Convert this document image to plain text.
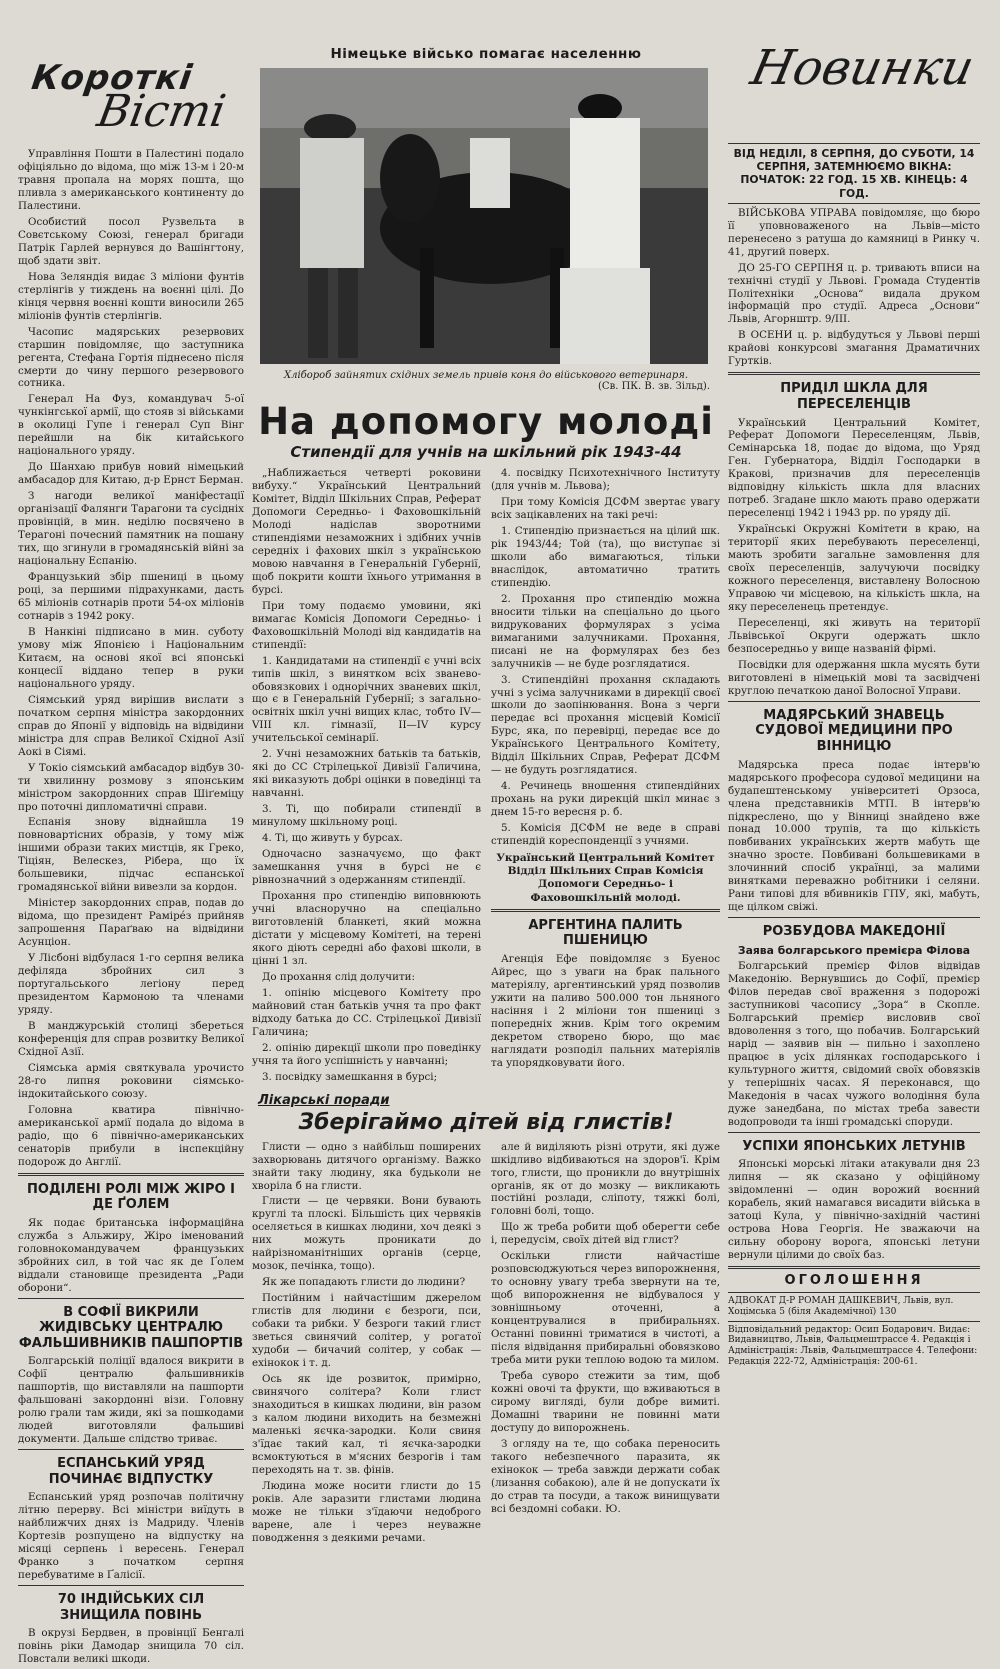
Короткі
Вісті

Управління Пошти в Палестині подало офіціяльно до відома, що між 13-м і 20-м травня пропала на морях пошта, що пливла з американського континенту до Палестини.

Особистий посол Рузвельта в Совєтському Союзі, генерал бригади Патрік Гарлей вернувся до Вашінгтону, щоб здати звіт.

Нова Зеляндія видає 3 міліони фунтів стерлінгів у тиждень на воєнні цілі. До кінця червня воєнні кошти виносили 265 міліонів фунтів стерлінгів.

Часопис мадярських резервових старшин повідомляє, що заступника регента, Стефана Гортія піднесено після смерти до чину першого резервового сотника.

Генерал На Фуз, командувач 5-ої чункінгської армії, що стояв зі військами в околиці Гупе і генерал Суп Вінг перейшли на бік китайського національного уряду.

До Шанхаю прибув новий німецький амбасадор для Китаю, д-р Ернст Берман.

З нагоди великої маніфестації організації Фалянги Тарагони та сусідніх провінцій, в мин. неділю посвячено в Терагоні почесний памятник на пошану тих, що згинули в громадянській війні за національну Еспанію.

Французький збір пшениці в цьому році, за першими підрахунками, дасть 65 міліонів сотнарів проти 54-ох міліонів сотнарів з 1942 року.

В Нанкіні підписано в мин. суботу умову між Японією і Національним Китаєм, на основі якої всі японські концесії віддано тепер в руки національного уряду.

Сіямський уряд вирішив вислати з початком серпня міністра закордонних справ до Японії у відповідь на відвідини міністра для справ Великої Східної Азії Аокі в Сіямі.

У Токіо сіямський амбасадор відбув 30-ти хвилинну розмову з японським міністром закордонних справ Шіґеміцу про поточні дипломатичні справи.

Еспанія знову віднайшла 19 повновартісних образів, у тому між іншими образи таких мистців, як Греко, Тіціян, Велескез, Рібера, що їх большевики, підчас еспанської громадянської війни вивезли за кордон.

Міністер закордонних справ, подав до відома, що президент Раміре́з прийняв запрошення Параґваю на відвідини Асунціон.

У Лісбоні відбулася 1-го серпня велика дефіляда збройних сил з португальського легіону перед президентом Кармоною та членами уряду.

В манджурській столиці збереться конференція для справ розвитку Великої Східної Азії.

Сіямська армія святкувала урочисто 28-го липня роковини сіямсько-індокитайського союзу.

Головна кватира північно-американської армії подала до відома в радіо, що 6 північно-американських сенаторів прибули в інспекційну подорож до Англії.

ПОДІЛЕНІ РОЛІ МІЖ ЖІРО І ДЕ ҐОЛЕМ

Як подає британська інформаційна служба з Альжиру, Жіро іменований головнокомандувачем французьких збройних сил, в той час як де Ґолем віддали становище президента „Ради оборони“.

В СОФІЇ ВИКРИЛИ ЖИДІВСЬКУ ЦЕНТРАЛЮ ФАЛЬШИВНИКІВ ПАШПОРТІВ

Болгарській поліції вдалося викрити в Софії централю фальшивників пашпортів, що виставляли на пашпорти фальшовані закордонні візи. Головну ролю грали там жиди, які за пошкодами людей виготовляли фальшиві документи. Дальше слідство триває.

ЕСПАНСЬКИЙ УРЯД ПОЧИНАЄ ВІДПУСТКУ

Еспанський уряд розпочав політичну літню перерву. Всі міністри виїдуть в найближчих днях із Мадриду. Членів Кортезів розпущено на відпустку на місяці серпень і вересень. Генерал Франко з початком серпня перебуватиме в Ґалісії.

70 ІНДІЙСЬКИХ СІЛ ЗНИЩИЛА ПОВІНЬ

В окрузі Бердвен, в провінції Бенгалі повінь ріки Дамодар знищила 70 сіл. Повстали великі шкоди.

Німецьке військо помагає населенню
Хлібороб зайнятих східних земель привів коня до військового ветеринаря.
(Св. ПК. В. зв. Зільд).
На допомогу молоді
Стипендії для учнів на шкільний рік 1943-44

„Наближається четверті роковини вибуху.“ Український Центральний Комітет, Відділ Шкільних Справ, Реферат Допомоги Середньо- і Фаховошкільній Молоді надіслав зворотними стипендіями незаможних і здібних учнів середніх і фахових шкіл з українською мовою навчання в Генеральній Губернії, щоб покрити кошти їхнього утримання в бурсі.

При тому подаємо умовини, які вимагає Комісія Допомоги Середньо- і Фаховошкільній Молоді від кандидатів на стипендії:

1. Кандидатами на стипендії є учні всіх типів шкіл, з винятком всіх званево-обовязкових і однорічних званевих шкіл, що є в Генеральній Губернії; з загально-освітніх шкіл учні вищих клас, тобто IV—VIII кл. гімназії, II—IV курсу учительської семінарії.

2. Учні незаможних батьків та батьків, які до СС Стрілецької Дивізії Галичина, які виказують добрі оцінки в поведінці та навчанні.

3. Ті, що побирали стипендії в минулому шкільному році.

4. Ті, що живуть у бурсах.

Одночасно зазначуємо, що факт замешкання учня в бурсі не є рівнозначний з одержанням стипендії.

Прохання про стипендію виповнюють учні власноручно на спеціально виготовленій бланкеті, який можна дістати у місцевому Комітеті, на терені якого діють середні або фахові школи, в цінні 1 зл.

До прохання слід долучити:

1. опінію місцевого Комітету про майновий стан батьків учня та про факт відходу батька до СС. Стрілецької Дивізії Галичина;

2. опінію дирекції школи про поведінку учня та його успішність у навчанні;

3. посвідку замешкання в бурсі;

4. посвідку Психотехнічного Інституту (для учнів м. Львова);

При тому Комісія ДСФМ звертає увагу всіх зацікавлених на такі речі:

1. Стипендію признається на цілий шк. рік 1943/44; Той (та), що виступає зі школи або вимагаються, тільки внаслідок, автоматично тратить стипендію.

2. Прохання про стипендію можна вносити тільки на спеціально до цього видрукованих формулярах з усіма вимаганими залучниками. Прохання, писані не на формулярах без без залучників — не буде розглядатися.

3. Стипендійні прохання складають учні з усіма залучниками в дирекції своєї школи до заопінювання. Вона з черги передає всі прохання місцевій Комісії Бурс, яка, по перевірці, передає все до Українського Центрального Комітету, Відділ Шкільних Справ, Реферат ДСФМ — не будуть розглядатися.

4. Речинець вношення стипендійних прохань на руки дирекцій шкіл минає з днем 15-го вересня р. б.

5. Комісія ДСФМ не веде в справі стипендій кореспонденції з учнями.

Український Центральний Комітет Відділ Шкільних Справ Комісія Допомоги Середньо- і Фаховошкільній молоді.
АРГЕНТИНА ПАЛИТЬ ПШЕНИЦЮ

Агенція Ефе повідомляє з Буенос Айрес, що з уваги на брак пального матеріялу, аргентинський уряд позволив ужити на паливо 500.000 тон льняного насіння і 2 міліони тон пшениці з попередніх жнив. Крім того окремим декретом створено бюро, що має наглядати розподіл пальних матеріялів та упорядковувати його.

Лікарські поради
Зберігаймо дітей від глистів!

Глисти — одно з найбільш поширених захворювань дитячого організму. Важко знайти таку людину, яка будьколи не хворіла б на глисти.

Глисти — це червяки. Вони бувають круглі та плоскі. Більшість цих червяків оселяється в кишках людини, хоч деякі з них можуть проникати до найрізноманітніших органів (серце, мозок, печінка, тощо).

Як же попадають глисти до людини?

Постійним і найчастішим джерелом глистів для людини є безроги, пси, собаки та рибки. У безроги такий глист зветься свинячий солітер, у рогатої худоби — бичачий солітер, у собак — ехінокок і т. д.

Ось як іде розвиток, примірно, свинячого солітера? Коли глист знаходиться в кишках людини, він разом з калом людини виходить на безмежні маленькі яєчка-зародки. Коли свиня з'їдає такий кал, ті яєчка-зародки всмоктуються в м'ясних безрогів і там переходять на т. зв. фінів.

Людина може носити глисти до 15 років. Але заразити глистами людина може не тільки з'їдаючи недоброго варене, але і через неуважне поводження з деякими речами.

але й виділяють різні отрути, які дуже шкідливо відбиваються на здоров'ї. Крім того, глисти, що проникли до внутрішніх органів, як от до мозку — викликають постійні розлади, сліпоту, тяжкі болі, головні болі, тощо.

Що ж треба робити щоб оберегти себе і, передусім, своїх дітей від глист?

Оскільки глисти найчастіше розповсюджуються через випорожнення, то основну увагу треба звернути на те, щоб випорожнення не відбувалося у зовнішньому оточенні, а концентрувалися в прибиральнях. Останні повинні триматися в чистоті, а після відвідання прибиральні обовязково треба мити руки теплою водою та милом.

Треба суворо стежити за тим, щоб кожні овочі та фрукти, що вживаються в сирому вигляді, були добре вимиті. Домашні тварини не повинні мати доступу до випорожнень.

З огляду на те, що собака переносить такого небезпечного паразита, як ехінокок — треба завжди держати собак (лизання собакою), але й не допускати їх до страв та посуди, а також винищувати всі бездомні собаки. Ю.

Новинки
ВІД НЕДІЛІ, 8 СЕРПНЯ, ДО СУБОТИ, 14 СЕРПНЯ, ЗАТЕМНЮЄМО ВІКНА: ПОЧАТОК: 22 ГОД. 15 ХВ. КІНЕЦЬ: 4 ГОД.

ВІЙСЬКОВА УПРАВА повідомляє, що бюро її уповноваженого на Львів—місто перенесено з ратуша до камяниці в Ринку ч. 41, другий поверх.

ДО 25-ГО СЕРПНЯ ц. р. тривають вписи на технічні студії у Львові. Громада Студентів Політехніки „Основа“ видала друком інформацій про студії. Адреса „Основи“ Львів, Агорнштр. 9/III.

В ОСЕНИ ц. р. відбудуться у Львові перші крайові конкурсові змагання Драматичних Гуртків.

ПРИДІЛ ШКЛА ДЛЯ ПЕРЕСЕЛЕНЦІВ

Український Центральний Комітет, Реферат Допомоги Переселенцям, Львів, Семінарська 18, подає до відома, що Уряд Ген. Губернатора, Відділ Господарки в Кракові, призначив для переселенців відповідну кількість шкла для власних потреб. Згадане шкло мають право одержати переселенці 1942 і 1943 рр. по уряду дії.

Українські Окружні Комітети в краю, на території яких перебувають переселенці, мають зробити загальне замовлення для своїх переселенців, залучуючи посвідку кожного переселенця, виставлену Волосною Управою чи місцевою, на кількість шкла, на яку переселенець претендує.

Переселенці, які живуть на території Львівської Округи одержать шкло безпосередньо у вище названій фірмі.

Посвідки для одержання шкла мусять бути виготовлені в німецькій мові та засвідчені круглою печаткою даної Волосної Управи.

МАДЯРСЬКИЙ ЗНАВЕЦЬ СУДОВОЇ МЕДИЦИНИ ПРО ВІННИЦЮ

Мадярська преса подає інтерв'ю мадярського професора судової медицини на будапештенському університеті Орзоса, члена представників МТП. В інтерв'ю підкреслено, що у Вінниці знайдено вже понад 10.000 трупів, та що кількість повбиваних українських жертв мабуть ще значно зросте. Повбивані большевиками в злочинний спосіб українці, за малими винятками переважно робітники і селяни. Рани типові для вбивників ГПУ, які, мабуть, ще цілком свіжі.

РОЗБУДОВА МАКЕДОНІЇ
Заява болгарського премієра Філова

Болгарський премієр Філов відвідав Македонію. Вернувшись до Софії, премієр Філов передав свої враження з подорожі заступникові часопису „Зора“ в Скопле. Болгарський премієр висловив свої вдоволення з того, що побачив. Болгарський нарід — заявив він — пильно і захоплено працює в усіх ділянках господарського і культурного життя, свідомий своїх обовязків у теперішніх часах. Я переконався, що Македонія в часах чужого володіння була дуже занедбана, по містах треба завести водопроводи та інші громадські споруди.

УСПІХИ ЯПОНСЬКИХ ЛЕТУНІВ

Японські морські літаки атакували дня 23 липня — як сказано у офіційному звідомленні — один ворожий воєнний корабель, який намагався висадити війська в затоці Кула, у північно-західній частині острова Нова Георгія. Не зважаючи на сильну оборону ворога, японські летуни вернули цілими до своїх баз.

ОГОЛОШЕННЯ
АДВОКАТ Д-Р РОМАН ДАШКЕВИЧ, Львів, вул. Хоцімська 5 (біля Академічної) 130
Відповідальний редактор: Осип Бодарович. Видає: Видавництво, Львів, Фальцмештрассе 4. Редакція і Адміністрація: Львів, Фальцмештрассе 4. Телефони: Редакція 222-72, Адміністрація: 200-61.
